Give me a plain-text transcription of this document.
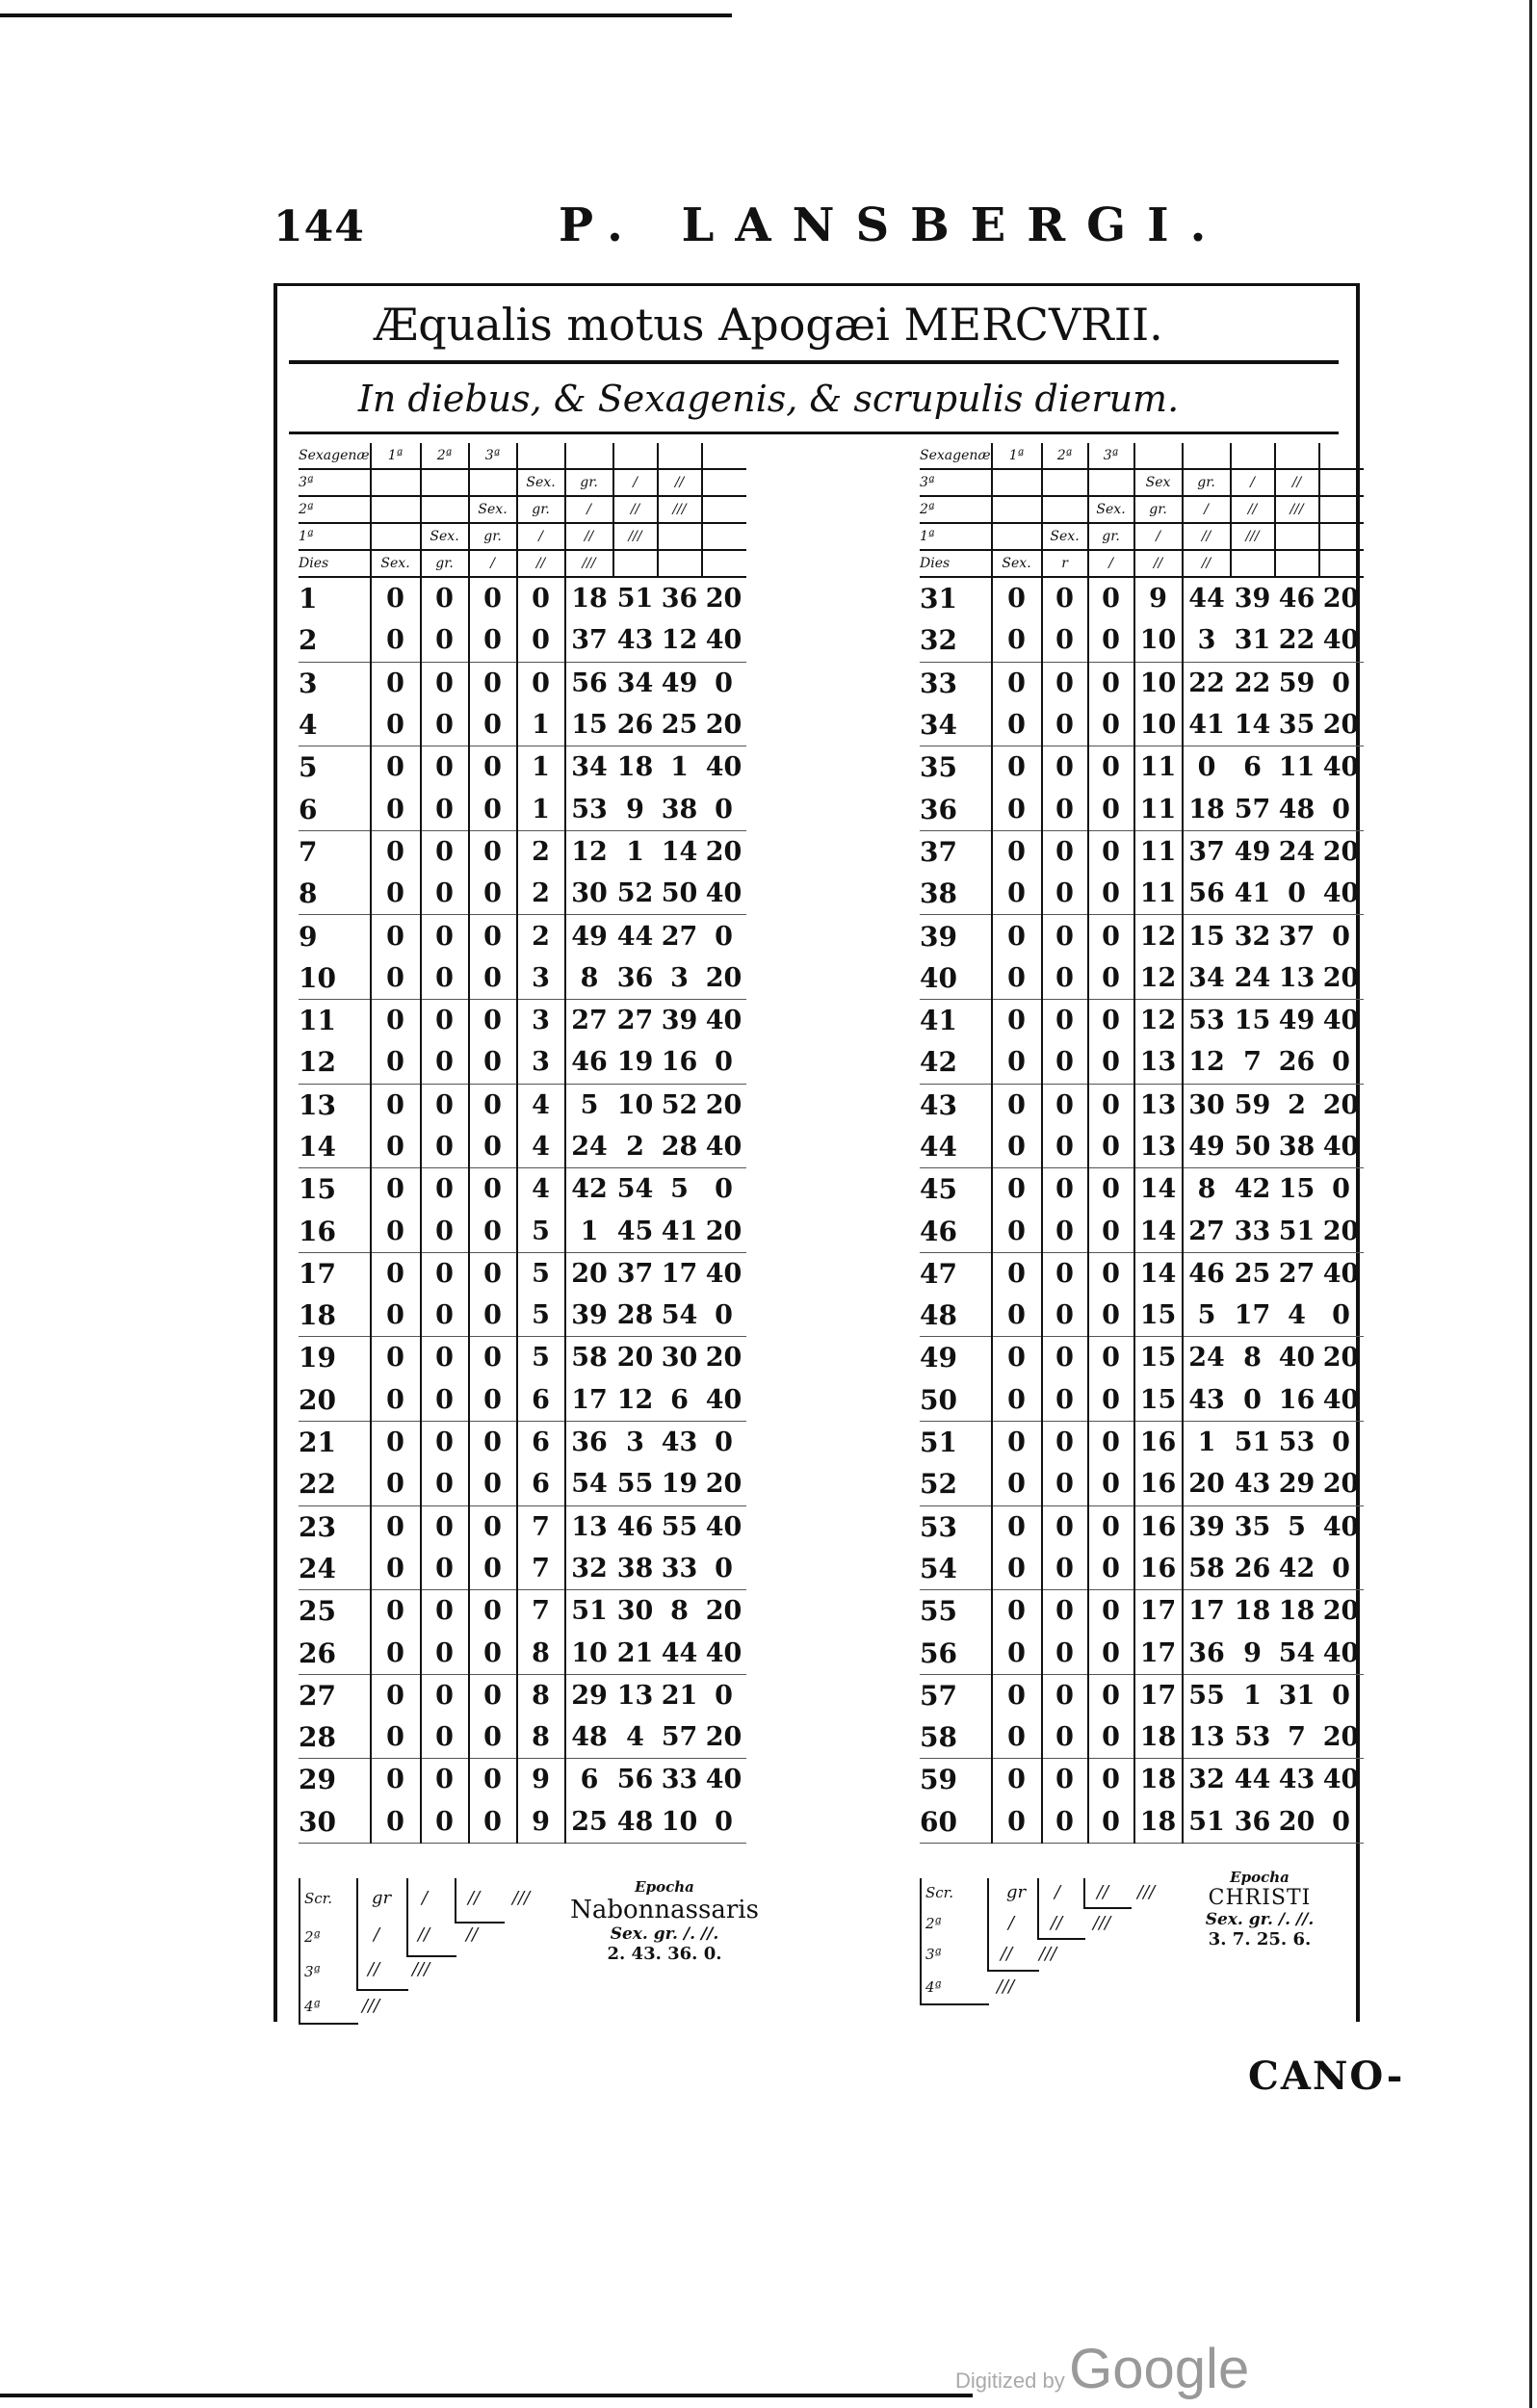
144	P. LANSBERGI.
Æqualis motus Apogæi MERCVRII.
In diebus, & Sexagenis, & scrupulis dierum.
Sexagenæ	1ª	2ª	3ª					
3ª				Sex.	gr.	/	//	
2ª			Sex.	gr.	/	//	///	
1ª		Sex.	gr.	/	//	///		
Dies	Sex.	gr.	/	//	///			
1	0	0	0	0	18	51	36	20
2	0	0	0	0	37	43	12	40
3	0	0	0	0	56	34	49	0
4	0	0	0	1	15	26	25	20
5	0	0	0	1	34	18	1	40
6	0	0	0	1	53	9	38	0
7	0	0	0	2	12	1	14	20
8	0	0	0	2	30	52	50	40
9	0	0	0	2	49	44	27	0
10	0	0	0	3	8	36	3	20
11	0	0	0	3	27	27	39	40
12	0	0	0	3	46	19	16	0
13	0	0	0	4	5	10	52	20
14	0	0	0	4	24	2	28	40
15	0	0	0	4	42	54	5	0
16	0	0	0	5	1	45	41	20
17	0	0	0	5	20	37	17	40
18	0	0	0	5	39	28	54	0
19	0	0	0	5	58	20	30	20
20	0	0	0	6	17	12	6	40
21	0	0	0	6	36	3	43	0
22	0	0	0	6	54	55	19	20
23	0	0	0	7	13	46	55	40
24	0	0	0	7	32	38	33	0
25	0	0	0	7	51	30	8	20
26	0	0	0	8	10	21	44	40
27	0	0	0	8	29	13	21	0
28	0	0	0	8	48	4	57	20
29	0	0	0	9	6	56	33	40
30	0	0	0	9	25	48	10	0
Sexagenæ	1ª	2ª	3ª					
3ª				Sex	gr.	/	//	
2ª			Sex.	gr.	/	//	///	
1ª		Sex.	gr.	/	//	///		
Dies	Sex.	r	/	//	//			
31	0	0	0	9	44	39	46	20
32	0	0	0	10	3	31	22	40
33	0	0	0	10	22	22	59	0
34	0	0	0	10	41	14	35	20
35	0	0	0	11	0	6	11	40
36	0	0	0	11	18	57	48	0
37	0	0	0	11	37	49	24	20
38	0	0	0	11	56	41	0	40
39	0	0	0	12	15	32	37	0
40	0	0	0	12	34	24	13	20
41	0	0	0	12	53	15	49	40
42	0	0	0	13	12	7	26	0
43	0	0	0	13	30	59	2	20
44	0	0	0	13	49	50	38	40
45	0	0	0	14	8	42	15	0
46	0	0	0	14	27	33	51	20
47	0	0	0	14	46	25	27	40
48	0	0	0	15	5	17	4	0
49	0	0	0	15	24	8	40	20
50	0	0	0	15	43	0	16	40
51	0	0	0	16	1	51	53	0
52	0	0	0	16	20	43	29	20
53	0	0	0	16	39	35	5	40
54	0	0	0	16	58	26	42	0
55	0	0	0	17	17	18	18	20
56	0	0	0	17	36	9	54	40
57	0	0	0	17	55	1	31	0
58	0	0	0	18	13	53	7	20
59	0	0	0	18	32	44	43	40
60	0	0	0	18	51	36	20	0
Scr.
2ª
3ª
4ª
gr / // ///
/ // //
// ///
///
Epocha
Nabonnassaris
Sex. gr. /. //.
2. 43. 36. 0.
Scr.
2ª
3ª
4ª
gr / // ///
/ // ///
// ///
///
Epocha
CHRISTI
Sex. gr. /. //.
3. 7. 25. 6.
CANO-
Digitized by Google
